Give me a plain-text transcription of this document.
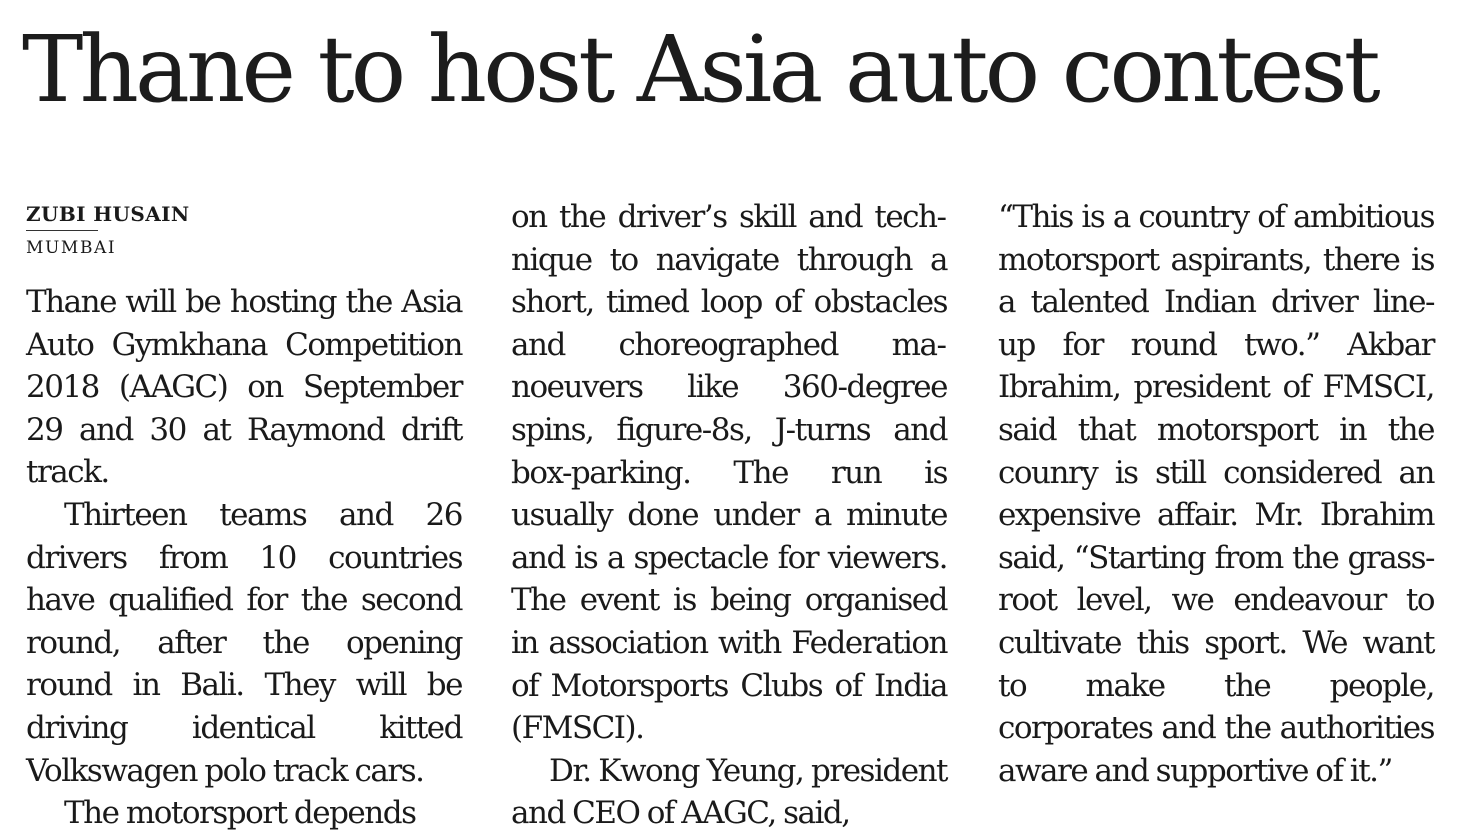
Thane to host Asia auto contest
ZUBI HUSAIN
MUMBAI

Thane will be hosting the Asia Auto Gymkhana Competition 2018 (AAGC) on September 29 and 30 at Raymond drift track.

Thirteen teams and 26 drivers from 10 countries have qualified for the second round, after the opening round in Bali. They will be driving identical kitted Volkswagen polo track cars.

The motorsport depends

on the driver’s skill and technique to navigate through a short, timed loop of obstacles and choreographed manoeuvers like 360-degree spins, figure-8s, J-turns and box-parking. The run is usually done under a minute and is a spectacle for viewers. The event is being organised in association with Federation of Motorsports Clubs of India (FMSCI).

Dr. Kwong Yeung, president and CEO of AAGC, said,

“This is a country of ambitious motorsport aspirants, there is a talented Indian driver line-up for round two.” Akbar Ibrahim, president of FMSCI, said that motorsport in the counry is still considered an expensive affair. Mr. Ibrahim said, “Starting from the grass-root level, we endeavour to cultivate this sport. We want to make the people, corporates and the authorities aware and supportive of it.”
